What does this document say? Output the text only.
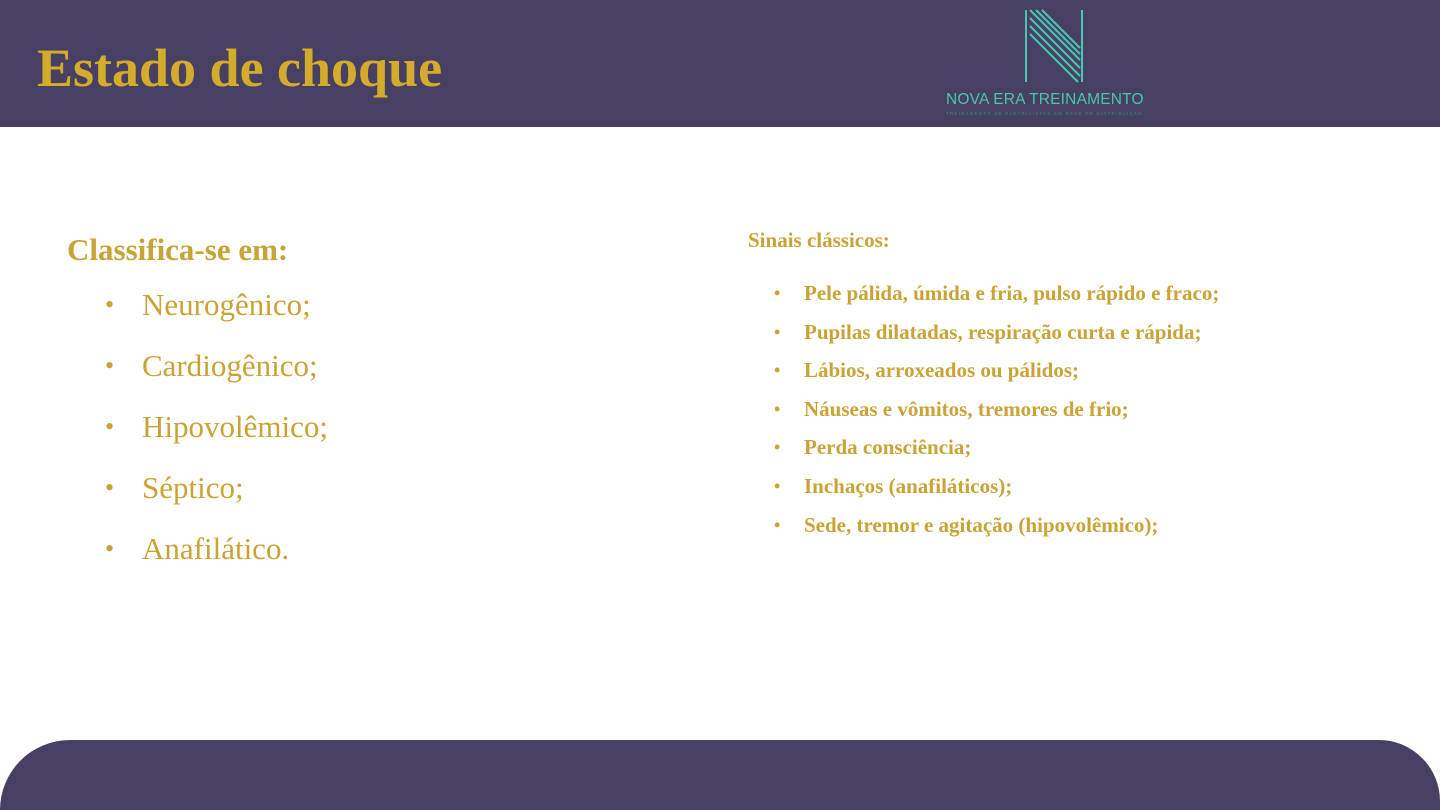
Estado de choque
NOVA ERA TREINAMENTO
TREINAMENTO DE ELETRICISTAS EM REDE DE DISTRIBUIÇÃO
Classifica-se em:
• Neurogênico;
• Cardiogênico;
• Hipovolêmico;
• Séptico;
• Anafilático.
Sinais clássicos:
• Pele pálida, úmida e fria, pulso rápido e fraco;
• Pupilas dilatadas, respiração curta e rápida;
• Lábios, arroxeados ou pálidos;
• Náuseas e vômitos, tremores de frio;
• Perda consciência;
• Inchaços (anafiláticos);
• Sede, tremor e agitação (hipovolêmico);
